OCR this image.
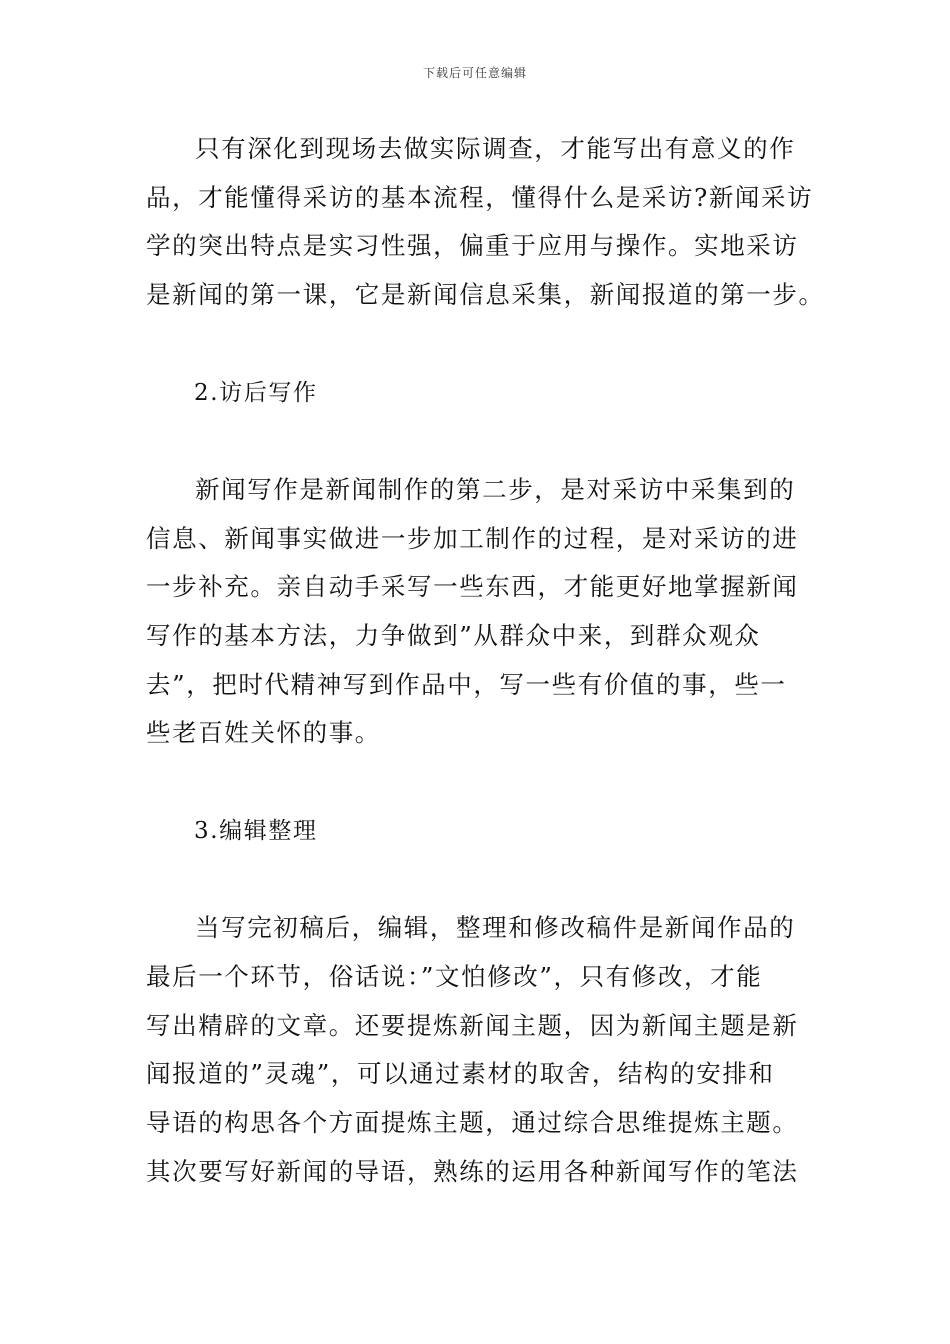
下载后可任意编辑
只有深化到现场去做实际调查，才能写出有意义的作
品，才能懂得采访的基本流程，懂得什么是采访?新闻采访
学的突出特点是实习性强，偏重于应用与操作。实地采访
是新闻的第一课，它是新闻信息采集，新闻报道的第一步。
2.访后写作
新闻写作是新闻制作的第二步，是对采访中采集到的
信息、新闻事实做进一步加工制作的过程，是对采访的进
一步补充。亲自动手采写一些东西，才能更好地掌握新闻
写作的基本方法，力争做到”从群众中来，到群众观众
去”，把时代精神写到作品中，写一些有价值的事，些一
些老百姓关怀的事。
3.编辑整理
当写完初稿后，编辑，整理和修改稿件是新闻作品的
最后一个环节，俗话说：”文怕修改”，只有修改，才能
写出精辟的文章。还要提炼新闻主题，因为新闻主题是新
闻报道的”灵魂”，可以通过素材的取舍，结构的安排和
导语的构思各个方面提炼主题，通过综合思维提炼主题。
其次要写好新闻的导语，熟练的运用各种新闻写作的笔法
